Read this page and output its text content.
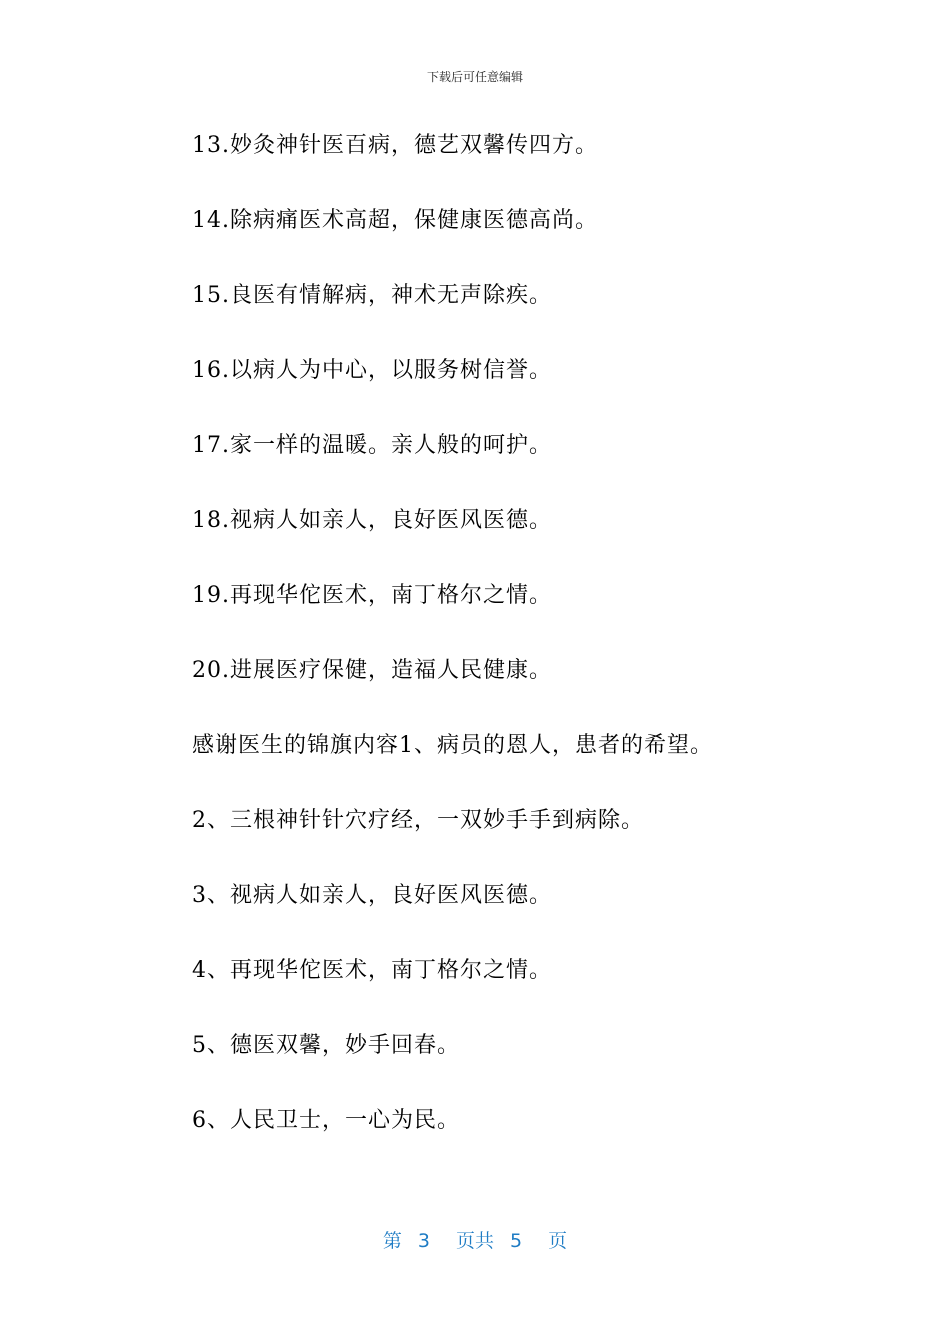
下载后可任意编辑
13.妙灸神针医百病，德艺双馨传四方。
14.除病痛医术高超，保健康医德高尚。
15.良医有情解病，神术无声除疾。
16.以病人为中心，以服务树信誉。
17.家一样的温暖。亲人般的呵护。
18.视病人如亲人，良好医风医德。
19.再现华佗医术，南丁格尔之情。
20.进展医疗保健，造福人民健康。
感谢医生的锦旗内容1、病员的恩人，患者的希望。
2、三根神针针穴疗经，一双妙手手到病除。
3、视病人如亲人，良好医风医德。
4、再现华佗医术，南丁格尔之情。
5、德医双馨，妙手回春。
6、人民卫士，一心为民。
第 3 页共 5 页
